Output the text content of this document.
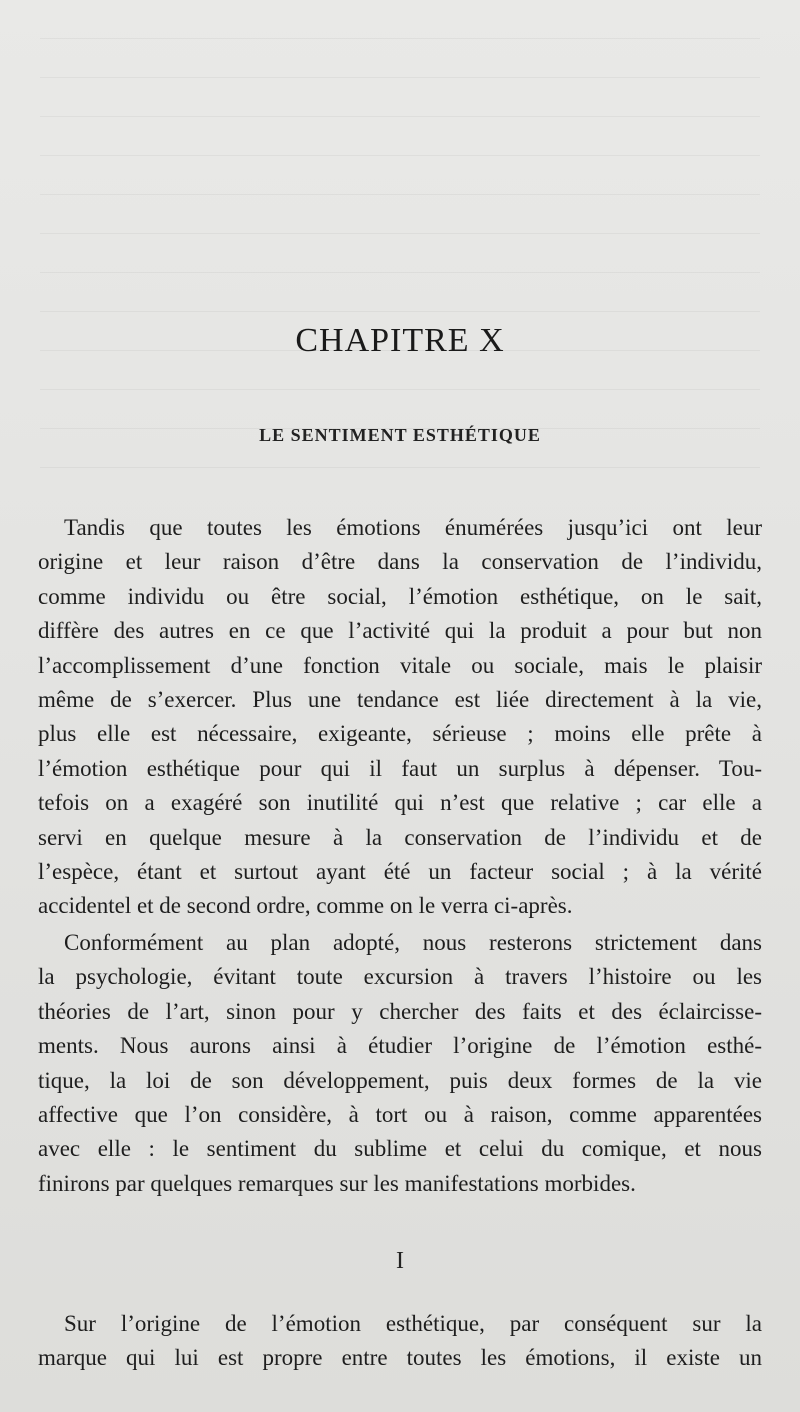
CHAPITRE X
LE SENTIMENT ESTHÉTIQUE
Tandis que toutes les émotions énumérées jusqu’ici ont leur
origine et leur raison d’être dans la conservation de l’individu,
comme individu ou être social, l’émotion esthétique, on le sait,
diffère des autres en ce que l’activité qui la produit a pour but non
l’accomplissement d’une fonction vitale ou sociale, mais le plaisir
même de s’exercer. Plus une tendance est liée directement à la vie,
plus elle est nécessaire, exigeante, sérieuse ; moins elle prête à
l’émotion esthétique pour qui il faut un surplus à dépenser. Tou-
tefois on a exagéré son inutilité qui n’est que relative ; car elle a
servi en quelque mesure à la conservation de l’individu et de
l’espèce, étant et surtout ayant été un facteur social ; à la vérité
accidentel et de second ordre, comme on le verra ci-après.
Conformément au plan adopté, nous resterons strictement dans
la psychologie, évitant toute excursion à travers l’histoire ou les
théories de l’art, sinon pour y chercher des faits et des éclaircisse-
ments. Nous aurons ainsi à étudier l’origine de l’émotion esthé-
tique, la loi de son développement, puis deux formes de la vie
affective que l’on considère, à tort ou à raison, comme apparentées
avec elle : le sentiment du sublime et celui du comique, et nous
finirons par quelques remarques sur les manifestations morbides.
I
Sur l’origine de l’émotion esthétique, par conséquent sur la
marque qui lui est propre entre toutes les émotions, il existe un
